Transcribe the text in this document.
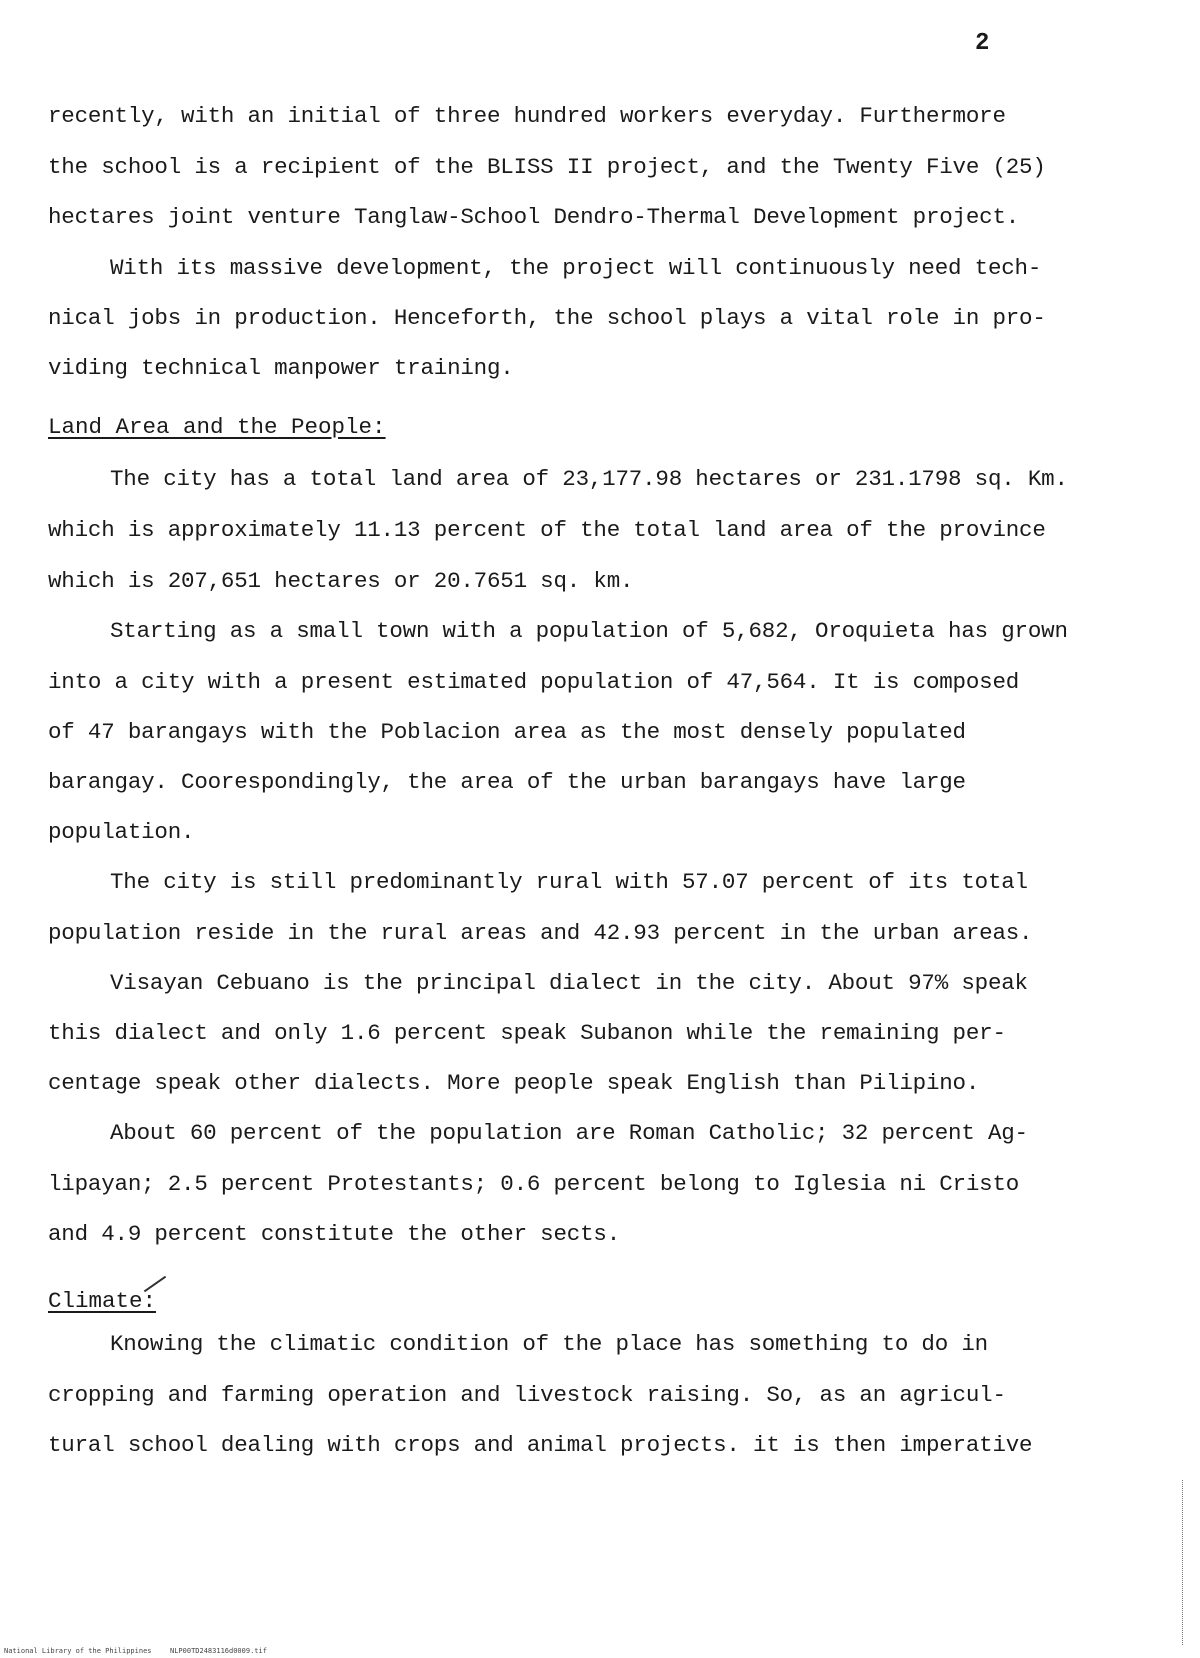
2
recently, with an initial of three hundred workers everyday. Furthermore
the school is a recipient of the BLISS II project, and the Twenty Five (25)
hectares joint venture Tanglaw-School Dendro-Thermal Development project.
With its massive development, the project will continuously need tech-
nical jobs in production. Henceforth, the school plays a vital role in pro-
viding technical manpower training.
Land Area and the People:
The city has a total land area of 23,177.98 hectares or 231.1798 sq. Km.
which is approximately 11.13 percent of the total land area of the province
which is 207,651 hectares or 20.7651 sq. km.
Starting as a small town with a population of 5,682, Oroquieta has grown
into a city with a present estimated population of 47,564. It is composed
of 47 barangays with the Poblacion area as the most densely populated
barangay. Coorespondingly, the area of the urban barangays have large
population.
The city is still predominantly rural with 57.07 percent of its total
population reside in the rural areas and 42.93 percent in the urban areas.
Visayan Cebuano is the principal dialect in the city. About 97% speak
this dialect and only 1.6 percent speak Subanon while the remaining per-
centage speak other dialects. More people speak English than Pilipino.
About 60 percent of the population are Roman Catholic; 32 percent Ag-
lipayan; 2.5 percent Protestants; 0.6 percent belong to Iglesia ni Cristo
and 4.9 percent constitute the other sects.
Climate:
Knowing the climatic condition of the place has something to do in
cropping and farming operation and livestock raising. So, as an agricul-
tural school dealing with crops and animal projects. it is then imperative
National Library of the Philippines	NLP00TD2483116d0009.tif
